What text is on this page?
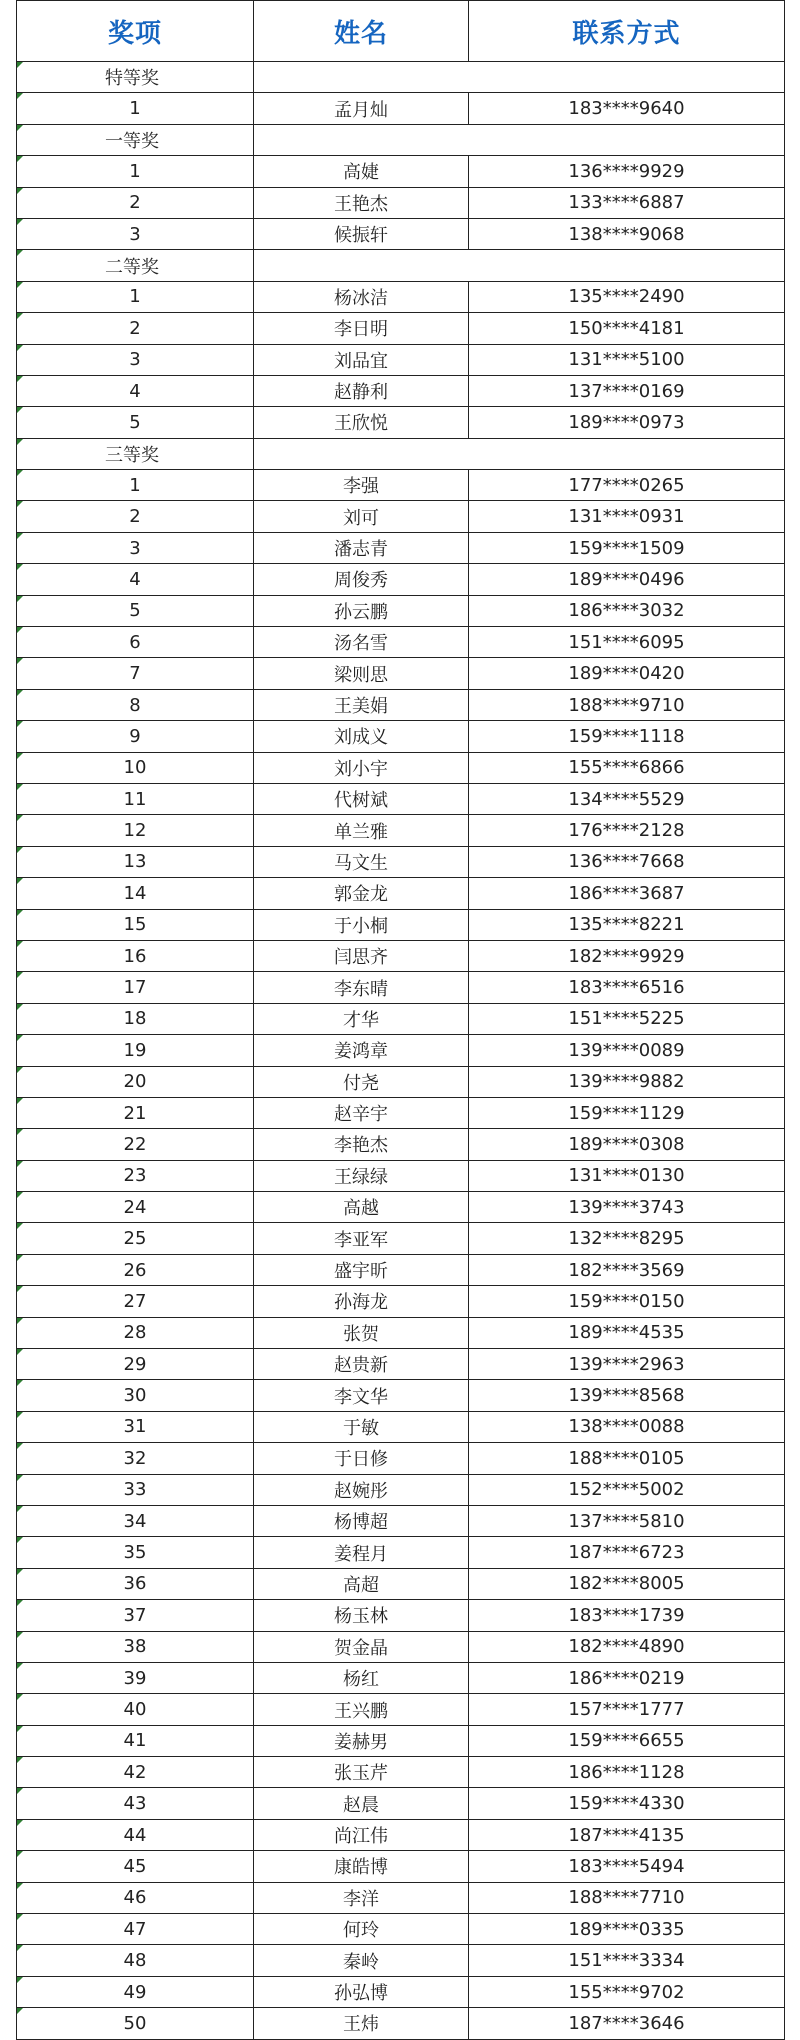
奖项	姓名	联系方式
特等奖		
1	孟月灿	183****9640
一等奖		
1	高婕	136****9929
2	王艳杰	133****6887
3	候振轩	138****9068
二等奖		
1	杨冰洁	135****2490
2	李日明	150****4181
3	刘品宜	131****5100
4	赵静利	137****0169
5	王欣悦	189****0973
三等奖		
1	李强	177****0265
2	刘可	131****0931
3	潘志青	159****1509
4	周俊秀	189****0496
5	孙云鹏	186****3032
6	汤名雪	151****6095
7	梁则思	189****0420
8	王美娟	188****9710
9	刘成义	159****1118
10	刘小宇	155****6866
11	代树斌	134****5529
12	单兰雅	176****2128
13	马文生	136****7668
14	郭金龙	186****3687
15	于小桐	135****8221
16	闫思齐	182****9929
17	李东晴	183****6516
18	才华	151****5225
19	姜鸿章	139****0089
20	付尧	139****9882
21	赵辛宇	159****1129
22	李艳杰	189****0308
23	王绿绿	131****0130
24	高越	139****3743
25	李亚军	132****8295
26	盛宇昕	182****3569
27	孙海龙	159****0150
28	张贺	189****4535
29	赵贵新	139****2963
30	李文华	139****8568
31	于敏	138****0088
32	于日修	188****0105
33	赵婉彤	152****5002
34	杨博超	137****5810
35	姜程月	187****6723
36	高超	182****8005
37	杨玉林	183****1739
38	贺金晶	182****4890
39	杨红	186****0219
40	王兴鹏	157****1777
41	姜赫男	159****6655
42	张玉芹	186****1128
43	赵晨	159****4330
44	尚江伟	187****4135
45	康皓博	183****5494
46	李洋	188****7710
47	何玲	189****0335
48	秦岭	151****3334
49	孙弘博	155****9702
50	王炜	187****3646
